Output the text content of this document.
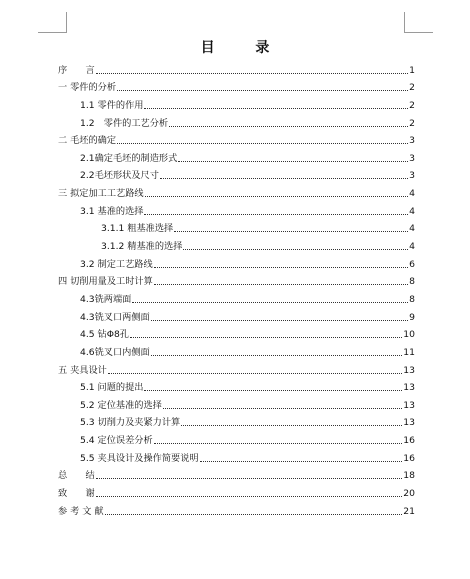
目 录
序　　言	1
一 零件的分析	2
1.1 零件的作用	2
1.2　零件的工艺分析	2
二 毛坯的确定	3
2.1确定毛坯的制造形式	3
2.2毛坯形状及尺寸	3
三 拟定加工工艺路线	4
3.1 基准的选择	4
3.1.1 粗基准选择	4
3.1.2 精基准的选择	4
3.2 制定工艺路线	6
四 切削用量及工时计算	8
4.3铣两端面	8
4.3铣叉口两侧面	9
4.5 钻Φ8孔	10
4.6铣叉口内侧面	11
五 夹具设计	13
5.1 问题的提出	13
5.2 定位基准的选择	13
5.3 切削力及夹紧力计算	13
5.4 定位误差分析	16
5.5 夹具设计及操作简要说明	16
总　　结	18
致　　谢	20
参 考 文 献	21
